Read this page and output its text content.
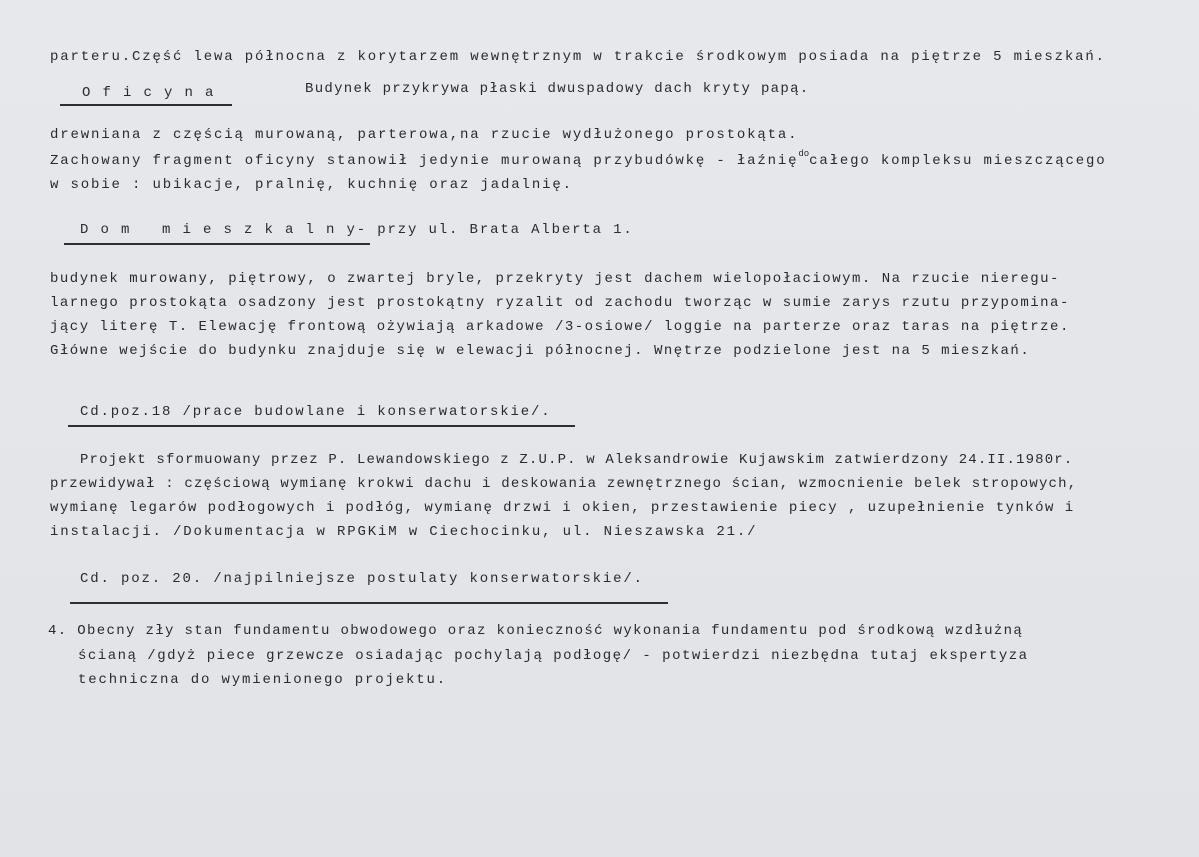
parteru.Część lewa północna z korytarzem wewnętrznym w trakcie środkowym posiada na piętrze 5 mieszkań.
O f i c y n a	Budynek przykrywa płaski dwuspadowy dach kryty papą.
drewniana z częścią murowaną, parterowa,na rzucie wydłużonego prostokąta.
Zachowany fragment oficyny stanowił jedynie murowaną przybudówkę - łaźnię$^{do}$całego kompleksu mieszczącego
w sobie : ubikacje, pralnię, kuchnię oraz jadalnię.
D o m   m i e s z k a l n y- przy ul. Brata Alberta 1.
budynek murowany, piętrowy, o zwartej bryle, przekryty jest dachem wielopołaciowym. Na rzucie nieregu-
larnego prostokąta osadzony jest prostokątny ryzalit od zachodu tworząc w sumie zarys rzutu przypomina-
jący literę T. Elewację frontową ożywiają arkadowe /3-osiowe/ loggie na parterze oraz taras na piętrze.
Główne wejście do budynku znajduje się w elewacji północnej. Wnętrze podzielone jest na 5 mieszkań.
Cd.poz.18 /prace budowlane i konserwatorskie/.
Projekt sformuowany przez P. Lewandowskiego z Z.U.P. w Aleksandrowie Kujawskim zatwierdzony 24.II.1980r.
przewidywał : częściową wymianę krokwi dachu i deskowania zewnętrznego ścian, wzmocnienie belek stropowych,
wymianę legarów podłogowych i podłóg, wymianę drzwi i okien, przestawienie piecy , uzupełnienie tynków i
instalacji. /Dokumentacja w RPGKiM w Ciechocinku, ul. Nieszawska 21./
Cd. poz. 20. /najpilniejsze postulaty konserwatorskie/.
4. Obecny zły stan fundamentu obwodowego oraz konieczność wykonania fundamentu pod środkową wzdłużną
ścianą /gdyż piece grzewcze osiadając pochylają podłogę/ - potwierdzi niezbędna tutaj ekspertyza
techniczna do wymienionego projektu.
